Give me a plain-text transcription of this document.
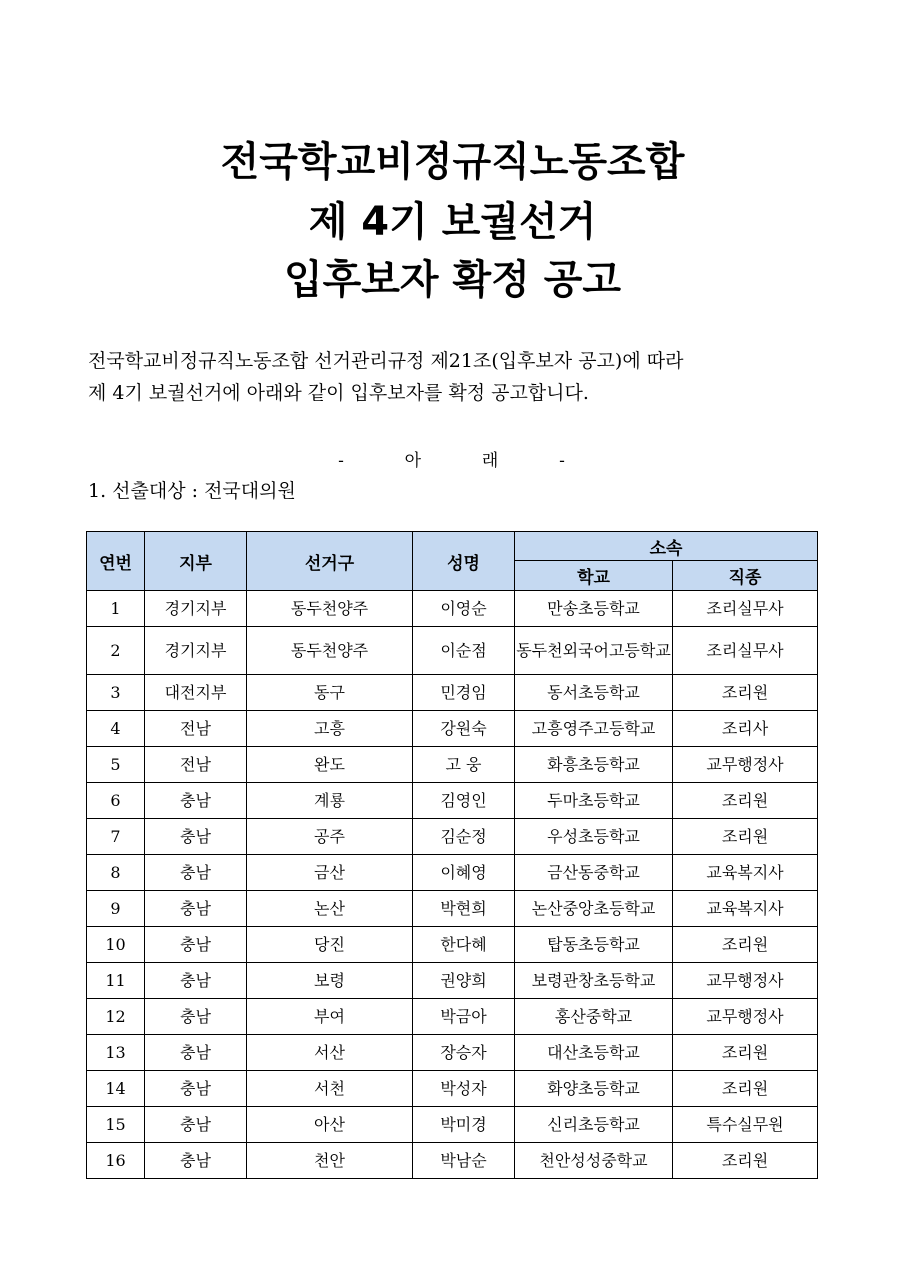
전국학교비정규직노동조합
제 4기 보궐선거
입후보자 확정 공고
전국학교비정규직노동조합 선거관리규정 제21조(입후보자 공고)에 따라
제 4기 보궐선거에 아래와 같이 입후보자를 확정 공고합니다.
-	아	래	-
1. 선출대상 : 전국대의원
연번	지부	선거구	성명	소속	
				학교	직종
1	경기지부	동두천양주	이영순	만송초등학교	조리실무사
2	경기지부	동두천양주	이순점	동두천외국어고등학교	조리실무사
3	대전지부	동구	민경임	동서초등학교	조리원
4	전남	고흥	강원숙	고흥영주고등학교	조리사
5	전남	완도	고 웅	화흥초등학교	교무행정사
6	충남	계룡	김영인	두마초등학교	조리원
7	충남	공주	김순정	우성초등학교	조리원
8	충남	금산	이혜영	금산동중학교	교육복지사
9	충남	논산	박현희	논산중앙초등학교	교육복지사
10	충남	당진	한다혜	탑동초등학교	조리원
11	충남	보령	권양희	보령관창초등학교	교무행정사
12	충남	부여	박금아	홍산중학교	교무행정사
13	충남	서산	장승자	대산초등학교	조리원
14	충남	서천	박성자	화양초등학교	조리원
15	충남	아산	박미경	신리초등학교	특수실무원
16	충남	천안	박남순	천안성성중학교	조리원
